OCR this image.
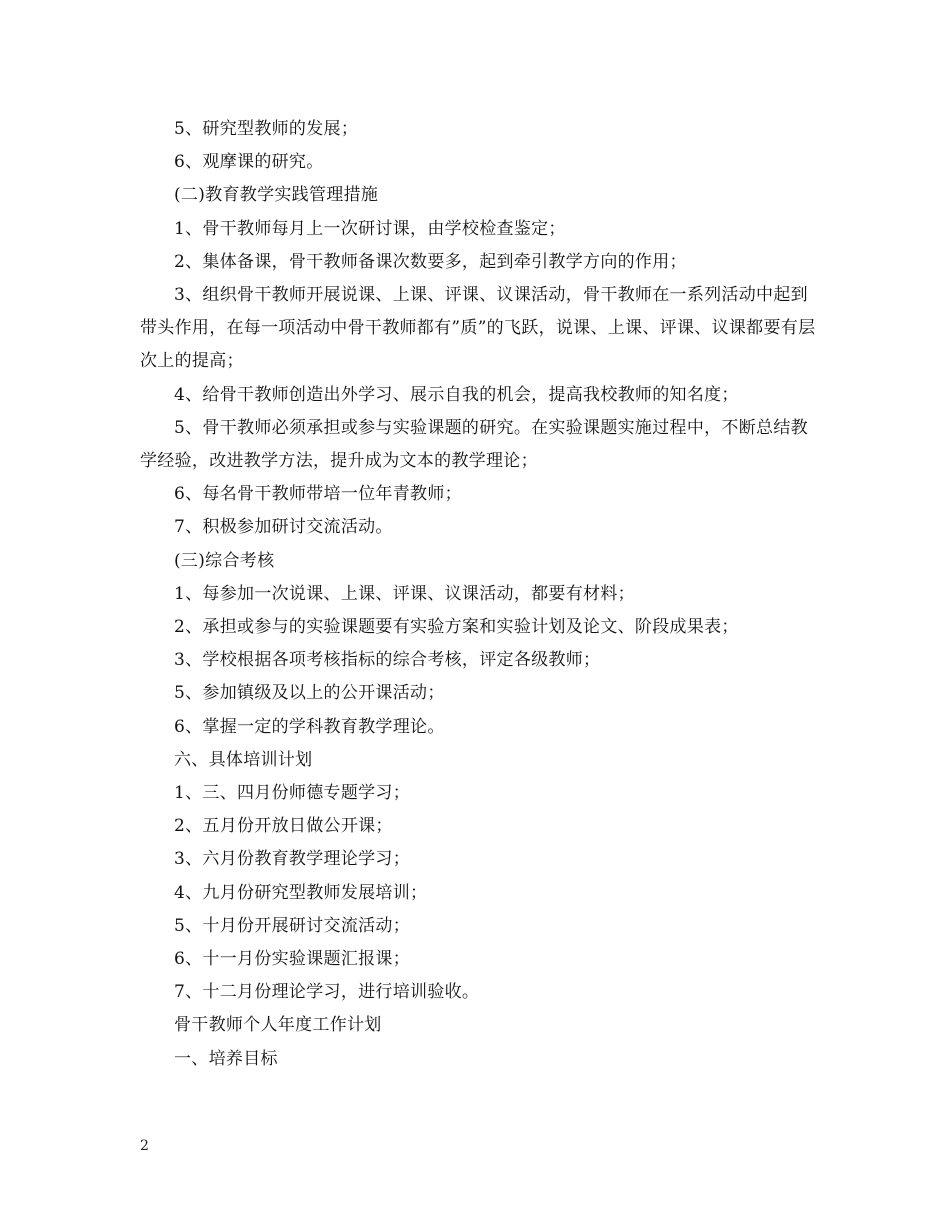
5、研究型教师的发展；

6、观摩课的研究。

(二)教育教学实践管理措施

1、骨干教师每月上一次研讨课，由学校检查鉴定；

2、集体备课，骨干教师备课次数要多，起到牵引教学方向的作用；

3、组织骨干教师开展说课、上课、评课、议课活动，骨干教师在一系列活动中起到带头作用，在每一项活动中骨干教师都有”质”的飞跃，说课、上课、评课、议课都要有层次上的提高；

4、给骨干教师创造出外学习、展示自我的机会，提高我校教师的知名度；

5、骨干教师必须承担或参与实验课题的研究。在实验课题实施过程中，不断总结教学经验，改进教学方法，提升成为文本的教学理论；

6、每名骨干教师带培一位年青教师；

7、积极参加研讨交流活动。

(三)综合考核

1、每参加一次说课、上课、评课、议课活动，都要有材料；

2、承担或参与的实验课题要有实验方案和实验计划及论文、阶段成果表；

3、学校根据各项考核指标的综合考核，评定各级教师；

5、参加镇级及以上的公开课活动；

6、掌握一定的学科教育教学理论。

六、具体培训计划

1、三、四月份师德专题学习；

2、五月份开放日做公开课；

3、六月份教育教学理论学习；

4、九月份研究型教师发展培训；

5、十月份开展研讨交流活动；

6、十一月份实验课题汇报课；

7、十二月份理论学习，进行培训验收。

骨干教师个人年度工作计划

一、培养目标

2
